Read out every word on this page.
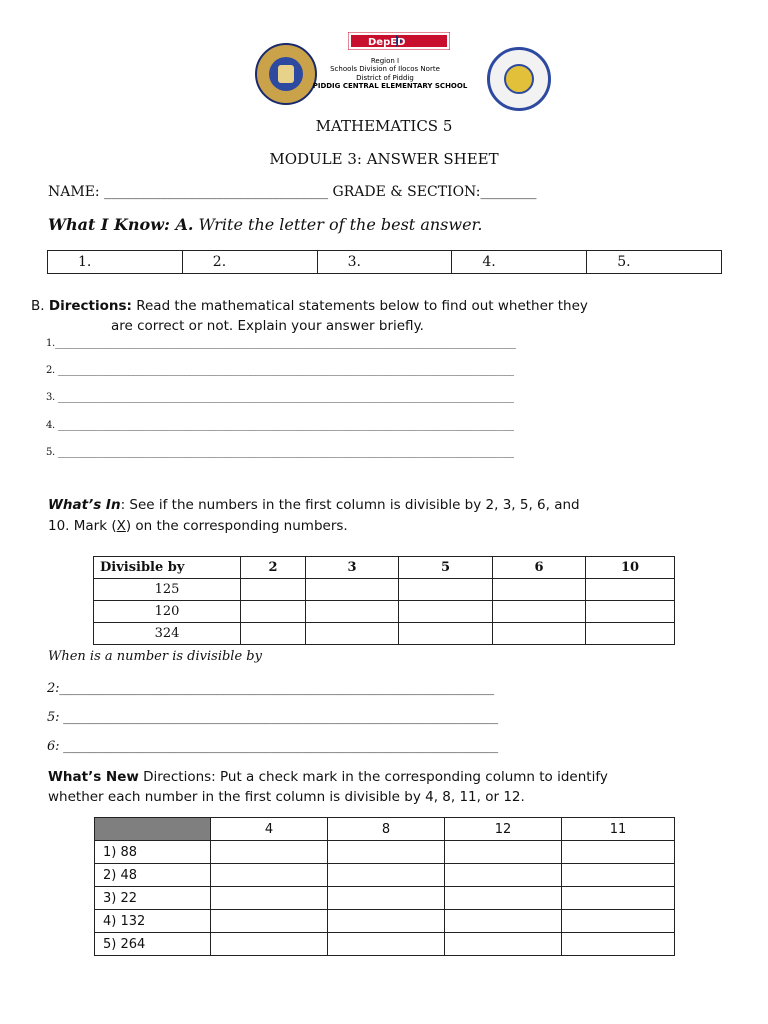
DepED
Region I
Schools Division of Ilocos Norte
District of Piddig
PIDDIG CENTRAL ELEMENTARY SCHOOL
MATHEMATICS 5
MODULE 3: ANSWER SHEET
NAME: ________________________________ GRADE & SECTION:________
What I Know: A. Write the letter of the best answer.
1.	2.	3.	4.	5.
B. Directions: Read the mathematical statements below to find out whether they
are correct or not. Explain your answer briefly.
1.__________________________________________________________________________________________________
2. _________________________________________________________________________________________________
3. _________________________________________________________________________________________________
4. _________________________________________________________________________________________________
5. _________________________________________________________________________________________________
What’s In: See if the numbers in the first column is divisible by 2, 3, 5, 6, and
10. Mark (X) on the corresponding numbers.
Divisible by	2	3	5	6	10
125					
120					
324					
When is a number is divisible by
2:_____________________________________________________________________
5: _____________________________________________________________________
6: _____________________________________________________________________
What’s New Directions: Put a check mark in the corresponding column to identify
whether each number in the first column is divisible by 4, 8, 11, or 12.
	4	8	12	11
1) 88				
2) 48				
3) 22				
4) 132				
5) 264				
